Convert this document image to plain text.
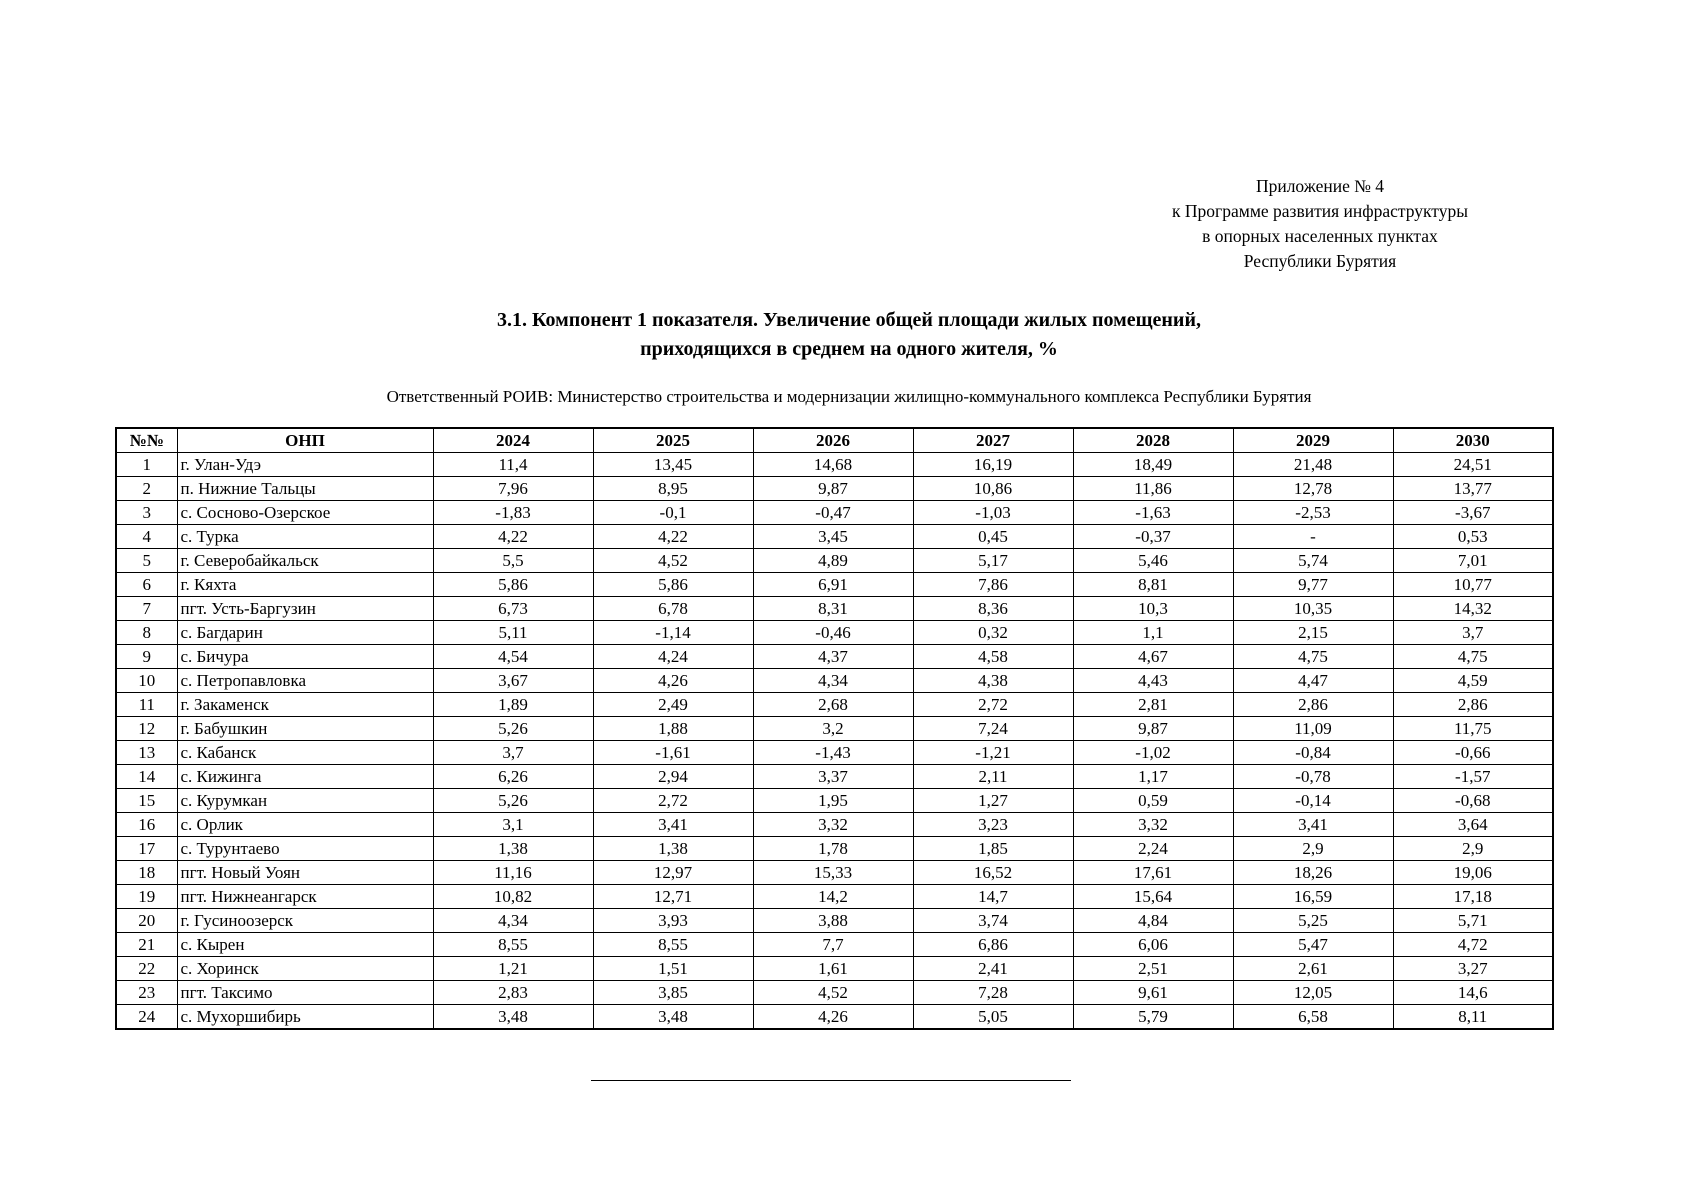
Приложение № 4
к Программе развития инфраструктуры
в опорных населенных пунктах
Республики Бурятия
3.1. Компонент 1 показателя. Увеличение общей площади жилых помещений,
приходящихся в среднем на одного жителя, %
Ответственный РОИВ: Министерство строительства и модернизации жилищно-коммунального комплекса Республики Бурятия
№№	ОНП	2024	2025	2026	2027	2028	2029	2030
1	г. Улан-Удэ	11,4	13,45	14,68	16,19	18,49	21,48	24,51
2	п. Нижние Тальцы	7,96	8,95	9,87	10,86	11,86	12,78	13,77
3	с. Сосново-Озерское	-1,83	-0,1	-0,47	-1,03	-1,63	-2,53	-3,67
4	с. Турка	4,22	4,22	3,45	0,45	-0,37	-	0,53
5	г. Северобайкальск	5,5	4,52	4,89	5,17	5,46	5,74	7,01
6	г. Кяхта	5,86	5,86	6,91	7,86	8,81	9,77	10,77
7	пгт. Усть-Баргузин	6,73	6,78	8,31	8,36	10,3	10,35	14,32
8	с. Багдарин	5,11	-1,14	-0,46	0,32	1,1	2,15	3,7
9	с. Бичура	4,54	4,24	4,37	4,58	4,67	4,75	4,75
10	с. Петропавловка	3,67	4,26	4,34	4,38	4,43	4,47	4,59
11	г. Закаменск	1,89	2,49	2,68	2,72	2,81	2,86	2,86
12	г. Бабушкин	5,26	1,88	3,2	7,24	9,87	11,09	11,75
13	с. Кабанск	3,7	-1,61	-1,43	-1,21	-1,02	-0,84	-0,66
14	с. Кижинга	6,26	2,94	3,37	2,11	1,17	-0,78	-1,57
15	с. Курумкан	5,26	2,72	1,95	1,27	0,59	-0,14	-0,68
16	с. Орлик	3,1	3,41	3,32	3,23	3,32	3,41	3,64
17	с. Турунтаево	1,38	1,38	1,78	1,85	2,24	2,9	2,9
18	пгт. Новый Уоян	11,16	12,97	15,33	16,52	17,61	18,26	19,06
19	пгт. Нижнеангарск	10,82	12,71	14,2	14,7	15,64	16,59	17,18
20	г. Гусиноозерск	4,34	3,93	3,88	3,74	4,84	5,25	5,71
21	с. Кырен	8,55	8,55	7,7	6,86	6,06	5,47	4,72
22	с. Хоринск	1,21	1,51	1,61	2,41	2,51	2,61	3,27
23	пгт. Таксимо	2,83	3,85	4,52	7,28	9,61	12,05	14,6
24	с. Мухоршибирь	3,48	3,48	4,26	5,05	5,79	6,58	8,11
